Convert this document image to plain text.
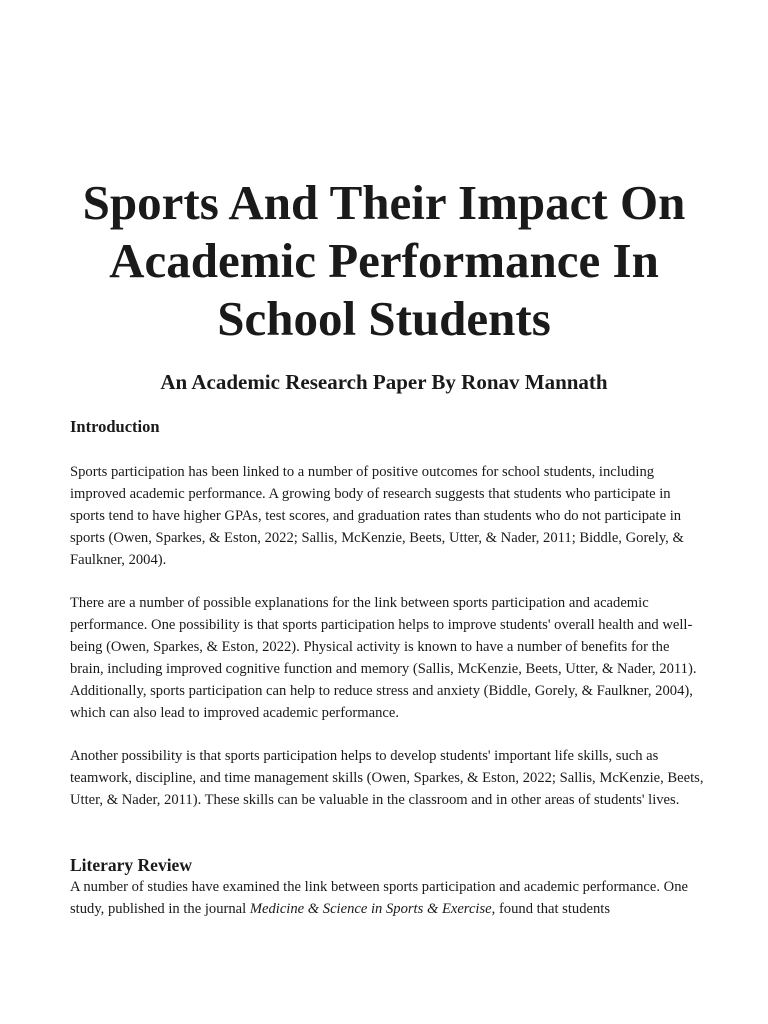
Sports And Their Impact On Academic Performance In School Students
An Academic Research Paper By Ronav Mannath
Introduction

Sports participation has been linked to a number of positive outcomes for school students, including improved academic performance. A growing body of research suggests that students who participate in sports tend to have higher GPAs, test scores, and graduation rates than students who do not participate in sports (Owen, Sparkes, & Eston, 2022; Sallis, McKenzie, Beets, Utter, & Nader, 2011; Biddle, Gorely, & Faulkner, 2004).

There are a number of possible explanations for the link between sports participation and academic performance. One possibility is that sports participation helps to improve students' overall health and well-being (Owen, Sparkes, & Eston, 2022). Physical activity is known to have a number of benefits for the brain, including improved cognitive function and memory (Sallis, McKenzie, Beets, Utter, & Nader, 2011). Additionally, sports participation can help to reduce stress and anxiety (Biddle, Gorely, & Faulkner, 2004), which can also lead to improved academic performance.

Another possibility is that sports participation helps to develop students' important life skills, such as teamwork, discipline, and time management skills (Owen, Sparkes, & Eston, 2022; Sallis, McKenzie, Beets, Utter, & Nader, 2011). These skills can be valuable in the classroom and in other areas of students' lives.

Literary Review

A number of studies have examined the link between sports participation and academic performance. One study, published in the journal Medicine & Science in Sports & Exercise, found that students
